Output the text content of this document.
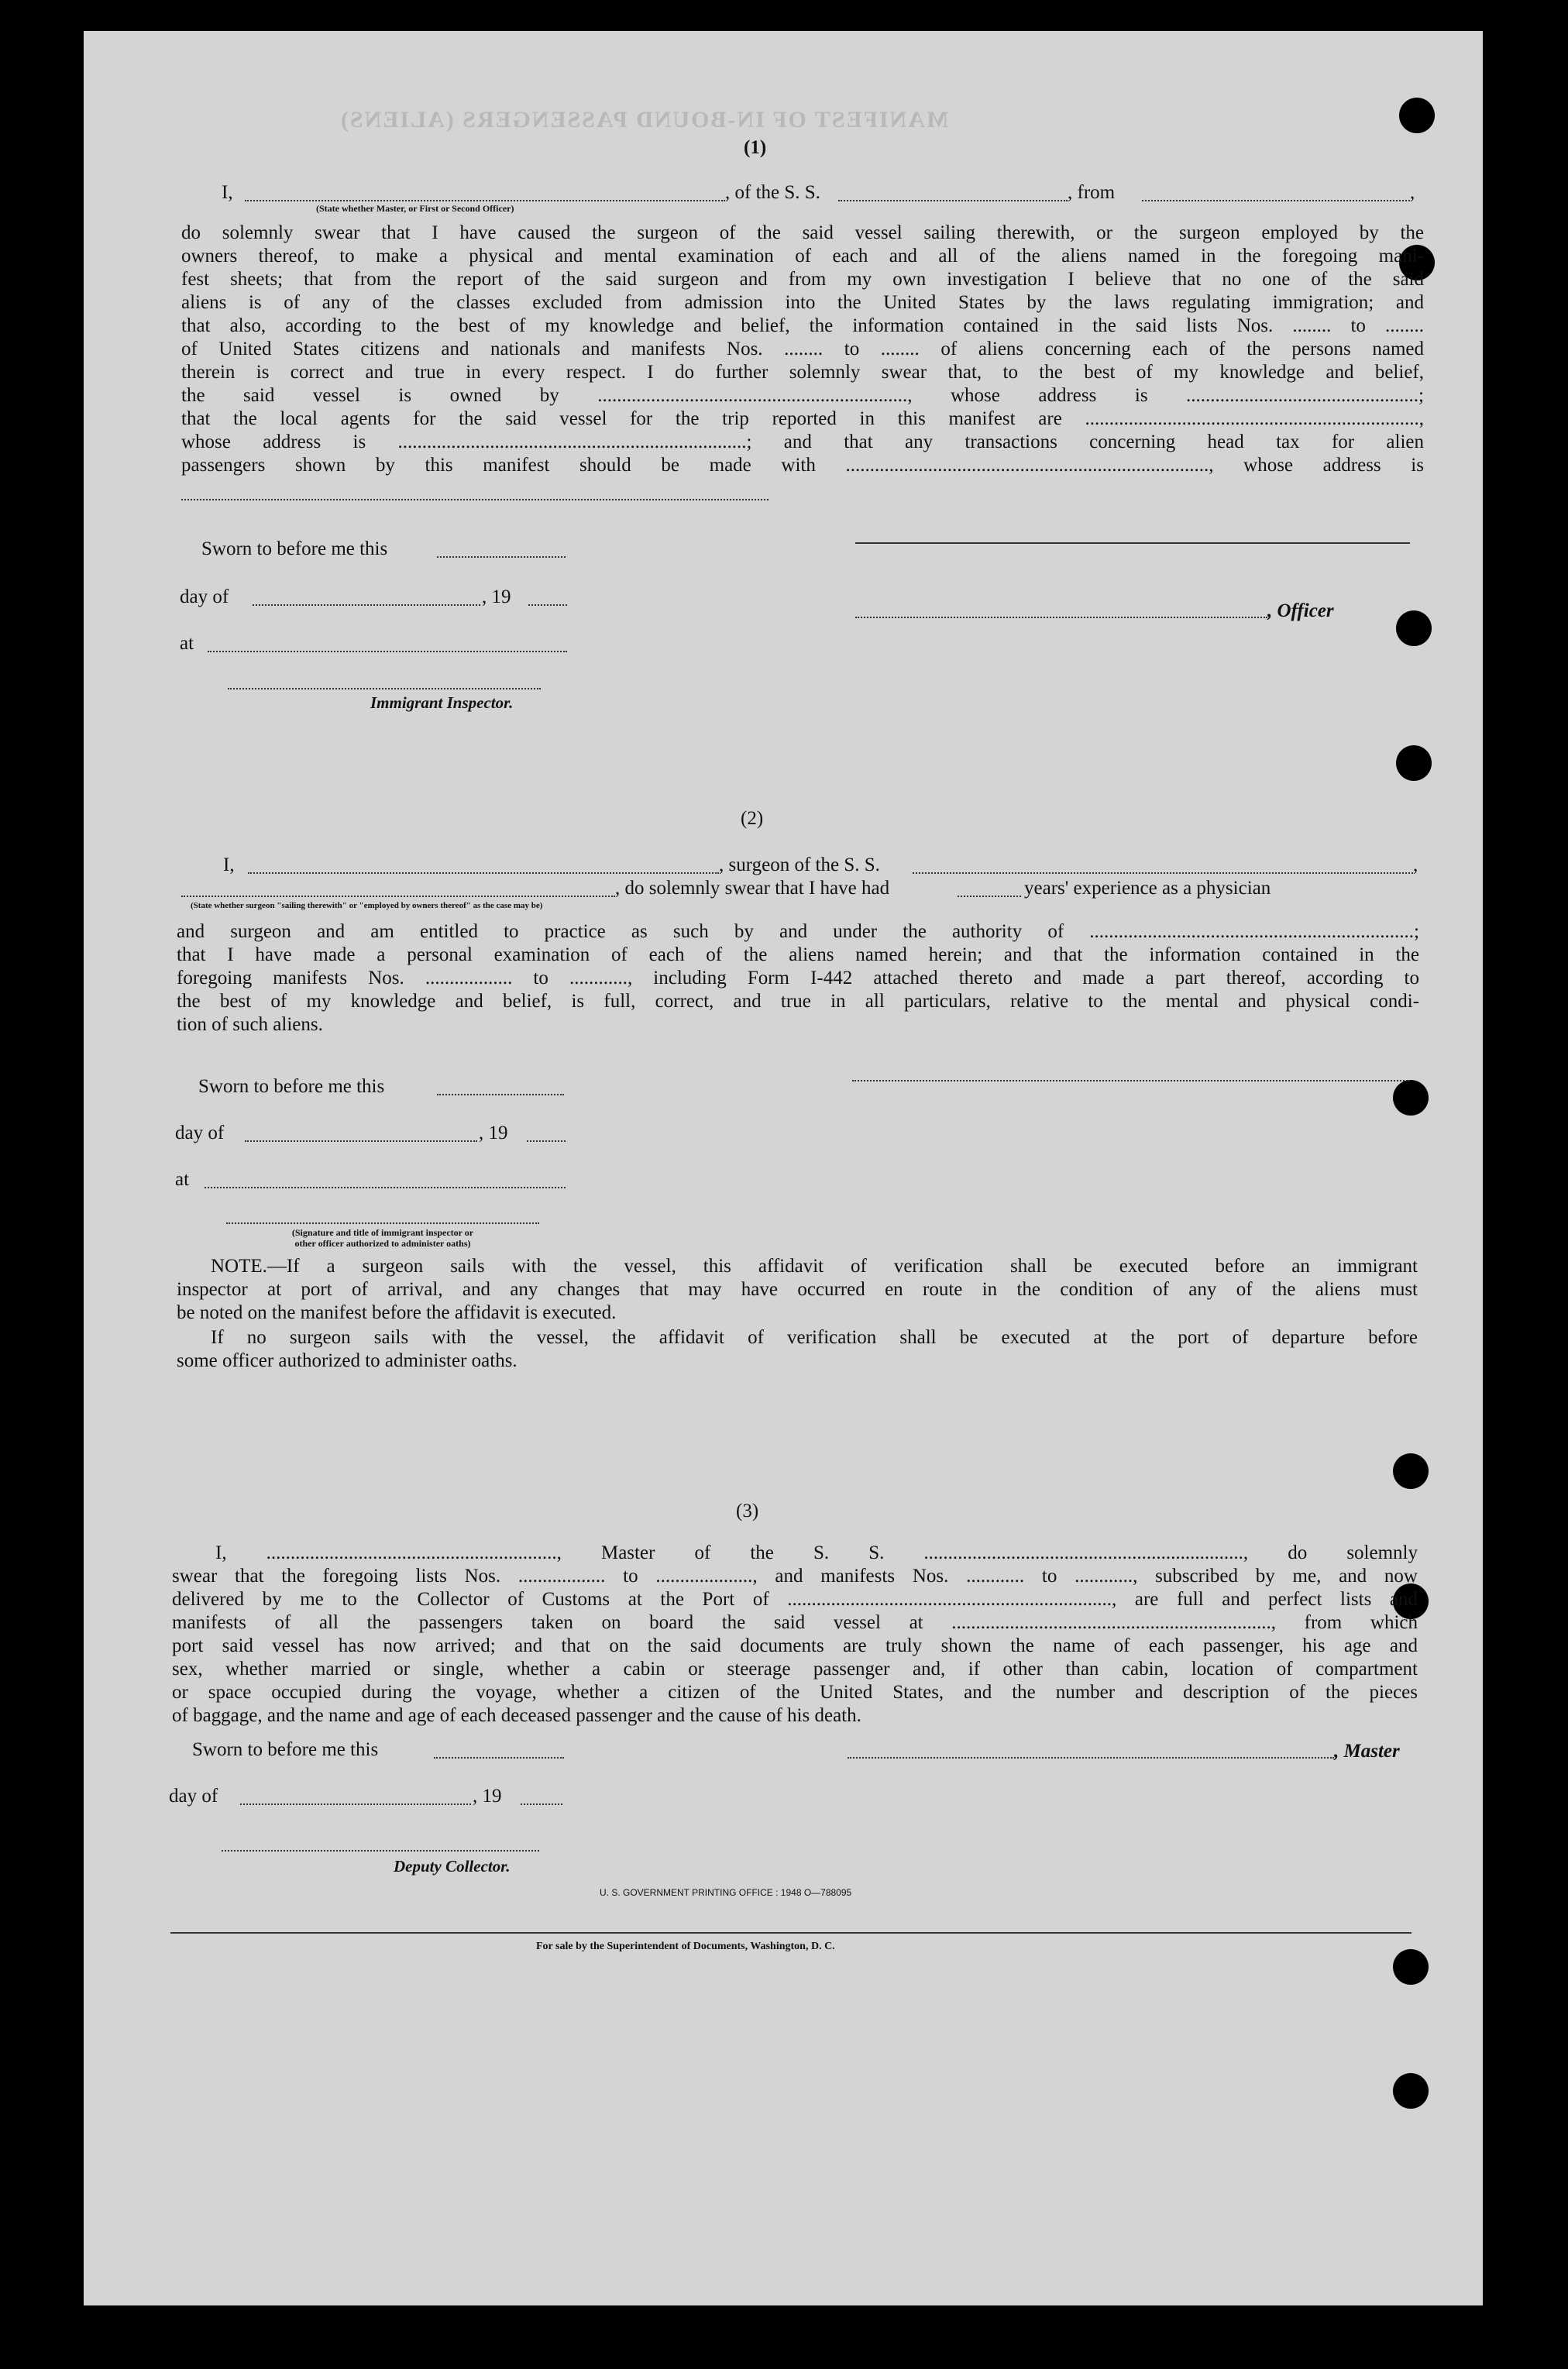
MANIFEST OF IN-BOUND PASSENGERS (ALIENS)
(1)
I,	, of the S. S.	, from	,
(State whether Master, or First or Second Officer)
do solemnly swear that I have caused the surgeon of the said vessel sailing therewith, or the surgeon employed by the
owners thereof, to make a physical and mental examination of each and all of the aliens named in the foregoing mani-
fest sheets; that from the report of the said surgeon and from my own investigation I believe that no one of the said
aliens is of any of the classes excluded from admission into the United States by the laws regulating immigration; and
that also, according to the best of my knowledge and belief, the information contained in the said lists Nos. ........ to ........
of United States citizens and nationals and manifests Nos. ........ to ........ of aliens concerning each of the persons named
therein is correct and true in every respect. I do further solemnly swear that, to the best of my knowledge and belief,
the said vessel is owned by ................................................................, whose address is ................................................;
that the local agents for the said vessel for the trip reported in this manifest are .....................................................................,
whose address is ........................................................................; and that any transactions concerning head tax for alien
passengers shown by this manifest should be made with ..........................................................................., whose address is
Sworn to before me this
day of	, 19
, Officer
at
Immigrant Inspector.
(2)
I,	, surgeon of the S. S.	,
, do solemnly swear that I have had	years' experience as a physician
(State whether surgeon "sailing therewith" or "employed by owners thereof" as the case may be)
and surgeon and am entitled to practice as such by and under the authority of ...................................................................;
that I have made a personal examination of each of the aliens named herein; and that the information contained in the
foregoing manifests Nos. .................. to ............, including Form I-442 attached thereto and made a part thereof, according to
the best of my knowledge and belief, is full, correct, and true in all particulars, relative to the mental and physical condi-
tion of such aliens.
Sworn to before me this
day of	, 19
at
(Signature and title of immigrant inspector or
other officer authorized to administer oaths)
NOTE.—If a surgeon sails with the vessel, this affidavit of verification shall be executed before an immigrant
inspector at port of arrival, and any changes that may have occurred en route in the condition of any of the aliens must
be noted on the manifest before the affidavit is executed.
If no surgeon sails with the vessel, the affidavit of verification shall be executed at the port of departure before
some officer authorized to administer oaths.
(3)
I, ............................................................, Master of the S. S. .................................................................., do solemnly
swear that the foregoing lists Nos. .................. to ...................., and manifests Nos. ............ to ............, subscribed by me, and now
delivered by me to the Collector of Customs at the Port of ..................................................................., are full and perfect lists and
manifests of all the passengers taken on board the said vessel at .................................................................., from which
port said vessel has now arrived; and that on the said documents are truly shown the name of each passenger, his age and
sex, whether married or single, whether a cabin or steerage passenger and, if other than cabin, location of compartment
or space occupied during the voyage, whether a citizen of the United States, and the number and description of the pieces
of baggage, and the name and age of each deceased passenger and the cause of his death.
Sworn to before me this	, Master
day of	, 19
Deputy Collector.
U. S. GOVERNMENT PRINTING OFFICE : 1948 O—788095
For sale by the Superintendent of Documents, Washington, D. C.
